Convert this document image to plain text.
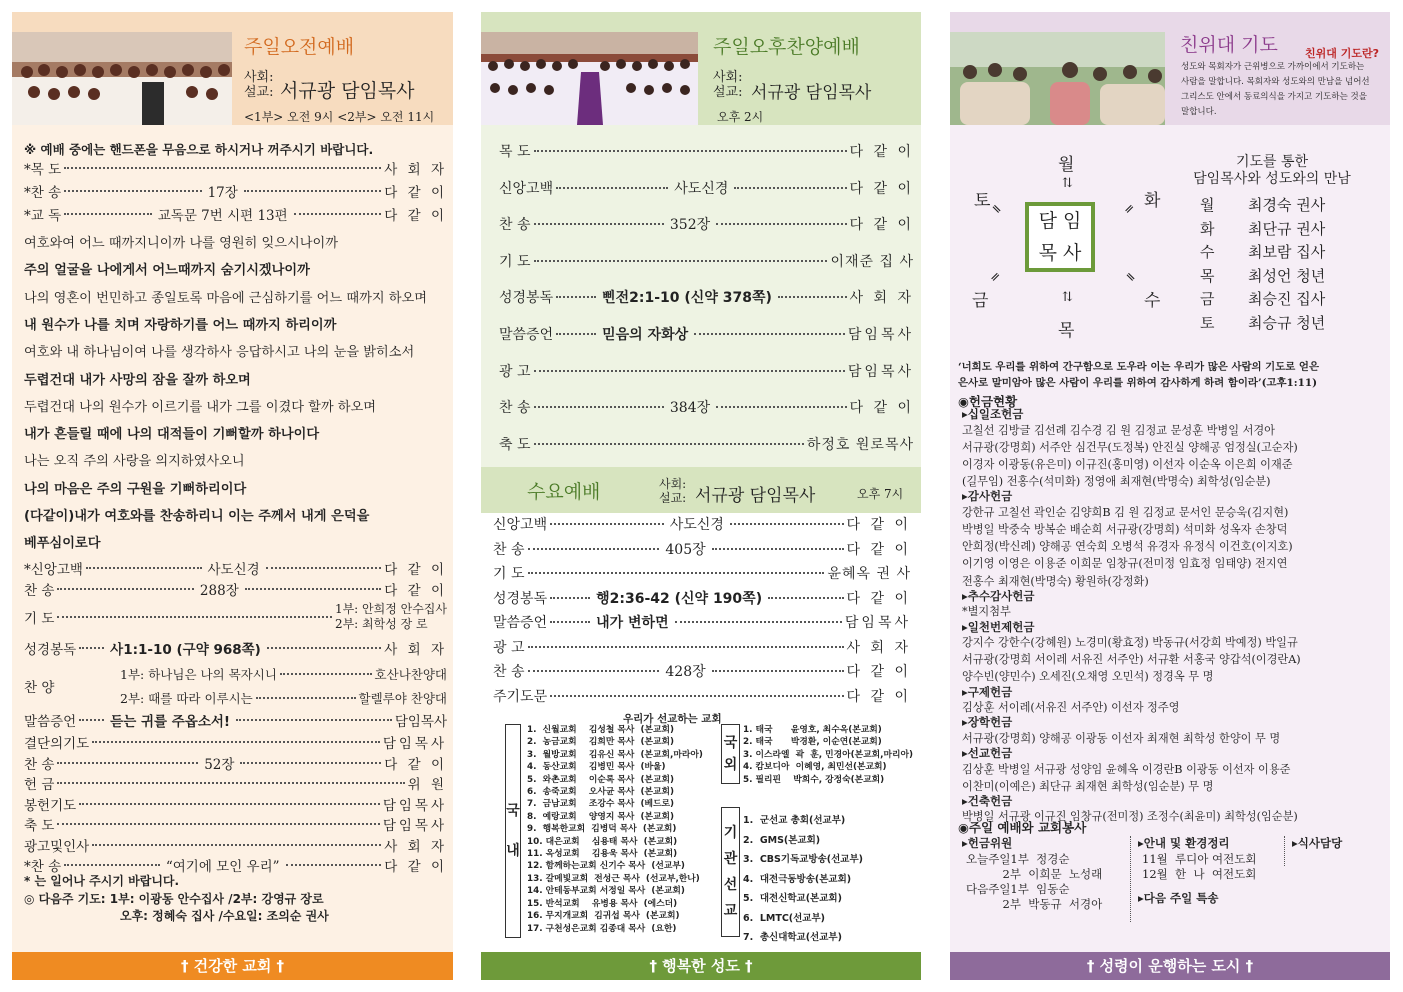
주일오전예배
사회:
설교: 서규광 담임목사
<1부> 오전 9시 <2부> 오전 11시
※ 예배 중에는 핸드폰을 무음으로 하시거나 꺼주시기 바랍니다.
기 도
1부: 안희정 안수집사
2부: 최학성 장 로
성경봉독	사1:1-10 (구약 968쪽)	사 회 자
찬 양
1부: 하나님은 나의 목자시니	호산나찬양대
2부: 때를 따라 이루시는	할렐루야 찬양대
말씀증언	듣는 귀를 주옵소서!	담임목사
* 는 일어나 주시기 바랍니다.
◎ 다음주 기도: 1부: 이광동 안수집사 /2부: 강영규 장로
오후: 정혜숙 집사 /수요일: 조의순 권사
† 건강한 교회 †
*목 도	사 회 자
*찬 송	17장	다 같 이
*교 독	교독문 7번 시편 13편	다 같 이
여호와여 어느 때까지니이까 나를 영원히 잊으시나이까
주의 얼굴을 나에게서 어느때까지 숨기시겠나이까
나의 영혼이 번민하고 종일토록 마음에 근심하기를 어느 때까지 하오며
내 원수가 나를 치며 자랑하기를 어느 때까지 하리이까
여호와 내 하나님이여 나를 생각하사 응답하시고 나의 눈을 밝히소서
두렵건대 내가 사망의 잠을 잘까 하오며
두렵건대 나의 원수가 이르기를 내가 그를 이겼다 할까 하오며
내가 흔들릴 때에 나의 대적들이 기뻐할까 하나이다
나는 오직 주의 사랑을 의지하였사오니
나의 마음은 주의 구원을 기뻐하리이다
(다같이)내가 여호와를 찬송하리니 이는 주께서 내게 은덕을
베푸심이로다
*신앙고백	사도신경	다 같 이
찬 송	288장	다 같 이
결단의기도	담임목사
찬 송	52장	다 같 이
헌 금	위 원
봉헌기도	담임목사
축 도	담임목사
광고및인사	사 회 자
*찬 송	“여기에 모인 우리”	다 같 이
주일오후찬양예배
사회:
설교: 서규광 담임목사
오후 2시
수요예배	사회:
설교: 서규광 담임목사	오후 7시
우리가 선교하는 교회
국
내
1.  신월교회    김성철 목사  (본교회)
2.  농금교회    김희만 목사  (본교회)
3.  월방교회    김유신 목사  (본교회,마라아)
4.  동산교회    김병민 목사  (바울)
5.  와촌교회    이순록 목사  (본교회)
6.  송죽교회    오사균 목사  (본교회)
7.  금남교회    조강수 목사  (베드로)
8.  예랑교회    양영지 목사  (본교회)
9.  행복한교회  김병덕 목사  (본교회)
10. 대은교회    심용태 목사  (본교회)
11. 옥성교회    김용욱 목사  (본교회)
12. 함께하는교회 신기수 목사  (선교부)
13. 갈메빛교회  전성근 목사  (선교부,한나)
14. 안테동부교회 서정일 목사  (본교회)
15. 반석교회    유병용 목사  (에스더)
16. 무지개교회  김귀섭 목사  (본교회)
17. 구천성은교회 김종대 목사  (요한)
국
외
1. 태국      윤영호, 최수옥(본교회)
2. 태국      박경환, 이순연(본교회)
3. 이스라엘  곽  훈, 민경아(본교회,마리아)
4. 캄보디아  이혜영, 최민선(본교회)
5. 필리핀    박희수, 강정숙(본교회)
기
관
선
교
1.  군선교 총회(선교부)
2.  GMS(본교회)
3.  CBS기독교방송(선교부)
4.  대전극동방송(본교회)
5.  대전신학교(본교회)
6.  LMTC(선교부)
7.  총신대학교(선교부)
† 행복한 성도 †
목 도	다 같 이
신앙고백	사도신경	다 같 이
찬 송	352장	다 같 이
기 도	이재준 집 사
성경봉독	삔전2:1-10 (신약 378쪽)	사 회 자
말씀증언	믿음의 자화상	담임목사
광 고	담임목사
찬 송	384장	다 같 이
축 도	하정호 원로목사
신앙고백	사도신경	다 같 이
찬 송	405장	다 같 이
기 도	윤혜옥 권 사
성경봉독	행2:36-42 (신약 190쪽)	다 같 이
말씀증언	내가 변하면	담임목사
광 고	사 회 자
찬 송	428장	다 같 이
주기도문	다 같 이
친위대 기도 친위대 기도란?
성도와 목회자가 근위병으로 가까이에서 기도하는
사람을 말합니다. 목회자와 성도와의 만남을 넘어선
그리스도 안에서 동료의식을 가지고 기도하는 것을
말합니다.
월
⇅
토
═	화
═
담 임
목 사
═
금
═
수
⇅
목
기도를 통한
담임목사와 성도와의 만남
월 최경숙 권사
화 최단규 권사
수 최보람 집사
목 최성언 청년
금 최승진 집사
토 최승규 청년
‘너희도 우리를 위하여 간구함으로 도우라 이는 우리가 많은 사람의 기도로 얻은
은사로 말미암아 많은 사람이 우리를 위하여 감사하게 하려 함이라’(고후1:11)
◉헌금현황
▸십일조헌금
고칠선 김방글 김선례 김수경 김 원 김정교 문성훈 박병일 서경아
서규광(강명희) 서주안 심건무(도정복) 안진실 양해공 엄정실(고순자)
이경자 이광동(유은미) 이규진(홍미영) 이선자 이순옥 이은희 이재준
(길무임) 전홍수(석미화) 정영애 최재현(박명숙) 최학성(임순분)
▸감사헌금
강한규 고칠선 곽인순 김양희B 김 원 김정교 문서인 문승욱(김지현)
박병일 박중숙 방복순 배순희 서규광(강명희) 석미화 성옥자 손창덕
안희정(박신례) 양해공 연숙희 오병석 유경자 유정식 이건호(이지호)
이기영 이영은 이용준 이희문 임창규(전미정 임효정 임태양) 전지연
전홍수 최재현(박명숙) 황원하(강정화)
▸추수감사헌금
*별지첨부
▸일천번제헌금
강지수 강한수(강혜원) 노경미(황효정) 박동규(서강희 박예정) 박일규
서규광(강명희 서이레 서유진 서주안) 서규환 서홍국 양갑석(이경란A)
양수빈(양민수) 오세진(오채영 오민석) 정경옥 무 명
▸구제헌금
김상훈 서이레(서유진 서주안) 이선자 정주영
▸장학헌금
서규광(강명희) 양해공 이광동 이선자 최재현 최학성 한양이 무 명
▸선교헌금
김상훈 박병일 서규광 성양임 윤혜옥 이경란B 이광동 이선자 이용준
이찬미(이예은) 최단규 최재현 최학성(임순분) 무 명
▸건축헌금
박병일 서규광 이규진 임창규(전미정) 조정수(최윤미) 최학성(임순분)
◉주일 예배와 교회봉사
▸헌금위원
오늘주일1부  정경순
2부  이희문  노성래
다음주일1부  임동순
2부  박동규  서경아
▸안내 및 환경정리
11월  루디아 여전도회
12월  한  나  여전도회
▸다음 주일 특송
▸식사담당
† 성령이 운행하는 도시 †
